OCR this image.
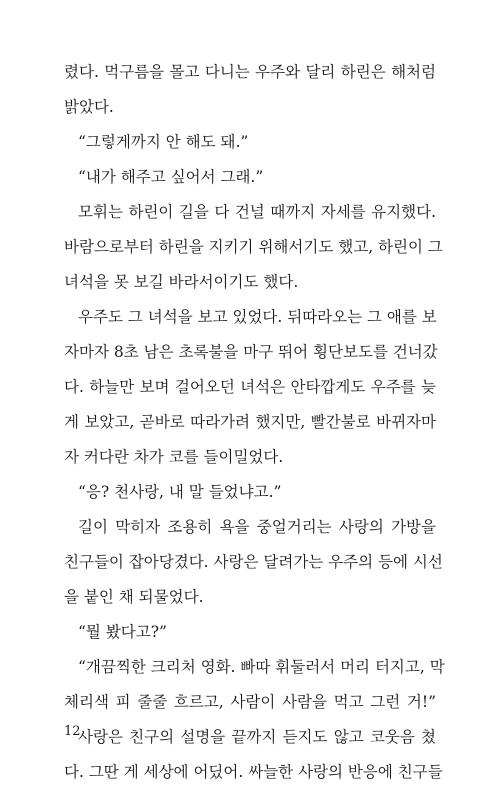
렸다. 먹구름을 몰고 다니는 우주와 달리 하린은 해처럼
밝았다.
“그렇게까지 안 해도 돼.”
“내가 해주고 싶어서 그래.”
모휘는 하린이 길을 다 건널 때까지 자세를 유지했다.
바람으로부터 하린을 지키기 위해서기도 했고, 하린이 그
녀석을 못 보길 바라서이기도 했다.
우주도 그 녀석을 보고 있었다. 뒤따라오는 그 애를 보
자마자 8초 남은 초록불을 마구 뛰어 횡단보도를 건너갔
다. 하늘만 보며 걸어오던 녀석은 안타깝게도 우주를 늦
게 보았고, 곧바로 따라가려 했지만, 빨간불로 바뀌자마
자 커다란 차가 코를 들이밀었다.
“응? 천사랑, 내 말 들었냐고.”
길이 막히자 조용히 욕을 중얼거리는 사랑의 가방을
친구들이 잡아당겼다. 사랑은 달려가는 우주의 등에 시선
을 붙인 채 되물었다.
“뭘 봤다고?”
“개끔찍한 크리처 영화. 빠따 휘둘러서 머리 터지고, 막
체리색 피 줄줄 흐르고, 사람이 사람을 먹고 그런 거!”
사랑은 친구의 설명을 끝까지 듣지도 않고 코웃음 쳤
다. 그딴 게 세상에 어딨어. 싸늘한 사랑의 반응에 친구들
12
